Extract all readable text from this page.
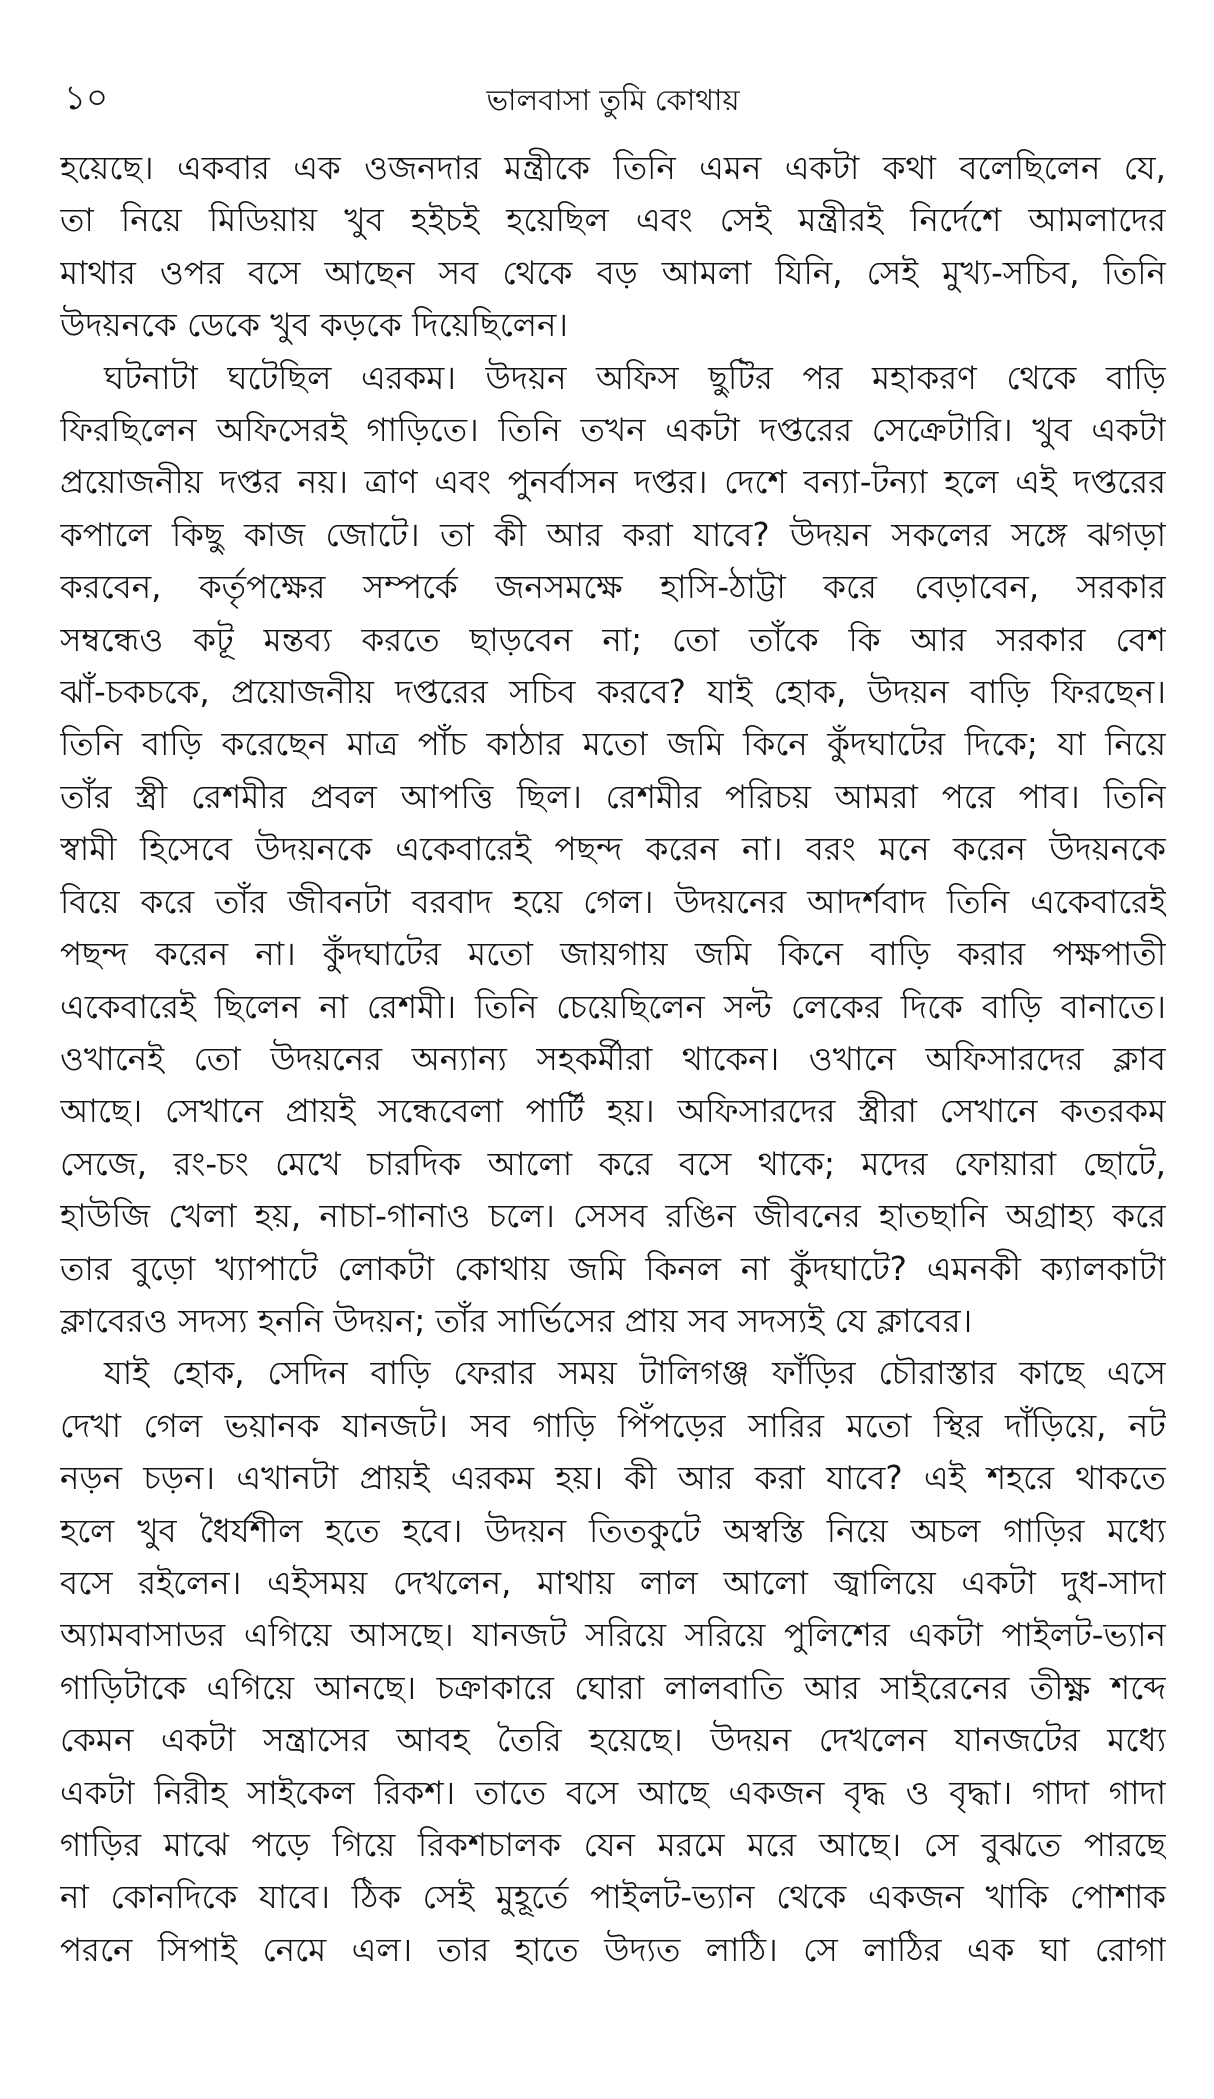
১০	ভালবাসা তুমি কোথায়
হয়েছে। একবার এক ওজনদার মন্ত্রীকে তিনি এমন একটা কথা বলেছিলেন যে,
তা নিয়ে মিডিয়ায় খুব হইচই হয়েছিল এবং সেই মন্ত্রীরই নির্দেশে আমলাদের
মাথার ওপর বসে আছেন সব থেকে বড় আমলা যিনি, সেই মুখ্য-সচিব, তিনি
উদয়নকে ডেকে খুব কড়কে দিয়েছিলেন।
ঘটনাটা ঘটেছিল এরকম। উদয়ন অফিস ছুটির পর মহাকরণ থেকে বাড়ি
ফিরছিলেন অফিসেরই গাড়িতে। তিনি তখন একটা দপ্তরের সেক্রেটারি। খুব একটা
প্রয়োজনীয় দপ্তর নয়। ত্রাণ এবং পুনর্বাসন দপ্তর। দেশে বন্যা-টন্যা হলে এই দপ্তরের
কপালে কিছু কাজ জোটে। তা কী আর করা যাবে? উদয়ন সকলের সঙ্গে ঝগড়া
করবেন, কর্তৃপক্ষের সম্পর্কে জনসমক্ষে হাসি-ঠাট্টা করে বেড়াবেন, সরকার
সম্বন্ধেও কটূ মন্তব্য করতে ছাড়বেন না; তো তাঁকে কি আর সরকার বেশ
ঝাঁ-চকচকে, প্রয়োজনীয় দপ্তরের সচিব করবে? যাই হোক, উদয়ন বাড়ি ফিরছেন।
তিনি বাড়ি করেছেন মাত্র পাঁচ কাঠার মতো জমি কিনে কুঁদঘাটের দিকে; যা নিয়ে
তাঁর স্ত্রী রেশমীর প্রবল আপত্তি ছিল। রেশমীর পরিচয় আমরা পরে পাব। তিনি
স্বামী হিসেবে উদয়নকে একেবারেই পছন্দ করেন না। বরং মনে করেন উদয়নকে
বিয়ে করে তাঁর জীবনটা বরবাদ হয়ে গেল। উদয়নের আদর্শবাদ তিনি একেবারেই
পছন্দ করেন না। কুঁদঘাটের মতো জায়গায় জমি কিনে বাড়ি করার পক্ষপাতী
একেবারেই ছিলেন না রেশমী। তিনি চেয়েছিলেন সল্ট লেকের দিকে বাড়ি বানাতে।
ওখানেই তো উদয়নের অন্যান্য সহকর্মীরা থাকেন। ওখানে অফিসারদের ক্লাব
আছে। সেখানে প্রায়ই সন্ধেবেলা পার্টি হয়। অফিসারদের স্ত্রীরা সেখানে কতরকম
সেজে, রং-চং মেখে চারদিক আলো করে বসে থাকে; মদের ফোয়ারা ছোটে,
হাউজি খেলা হয়, নাচা-গানাও চলে। সেসব রঙিন জীবনের হাতছানি অগ্রাহ্য করে
তার বুড়ো খ্যাপাটে লোকটা কোথায় জমি কিনল না কুঁদঘাটে? এমনকী ক্যালকাটা
ক্লাবেরও সদস্য হননি উদয়ন; তাঁর সার্ভিসের প্রায় সব সদস্যই যে ক্লাবের।
যাই হোক, সেদিন বাড়ি ফেরার সময় টালিগঞ্জ ফাঁড়ির চৌরাস্তার কাছে এসে
দেখা গেল ভয়ানক যানজট। সব গাড়ি পিঁপড়ের সারির মতো স্থির দাঁড়িয়ে, নট
নড়ন চড়ন। এখানটা প্রায়ই এরকম হয়। কী আর করা যাবে? এই শহরে থাকতে
হলে খুব ধৈর্যশীল হতে হবে। উদয়ন তিতকুটে অস্বস্তি নিয়ে অচল গাড়ির মধ্যে
বসে রইলেন। এইসময় দেখলেন, মাথায় লাল আলো জ্বালিয়ে একটা দুধ-সাদা
অ্যামবাসাডর এগিয়ে আসছে। যানজট সরিয়ে সরিয়ে পুলিশের একটা পাইলট-ভ্যান
গাড়িটাকে এগিয়ে আনছে। চক্রাকারে ঘোরা লালবাতি আর সাইরেনের তীক্ষ্ণ শব্দে
কেমন একটা সন্ত্রাসের আবহ তৈরি হয়েছে। উদয়ন দেখলেন যানজটের মধ্যে
একটা নিরীহ সাইকেল রিকশ। তাতে বসে আছে একজন বৃদ্ধ ও বৃদ্ধা। গাদা গাদা
গাড়ির মাঝে পড়ে গিয়ে রিকশচালক যেন মরমে মরে আছে। সে বুঝতে পারছে
না কোনদিকে যাবে। ঠিক সেই মুহূর্তে পাইলট-ভ্যান থেকে একজন খাকি পোশাক
পরনে সিপাই নেমে এল। তার হাতে উদ্যত লাঠি। সে লাঠির এক ঘা রোগা
